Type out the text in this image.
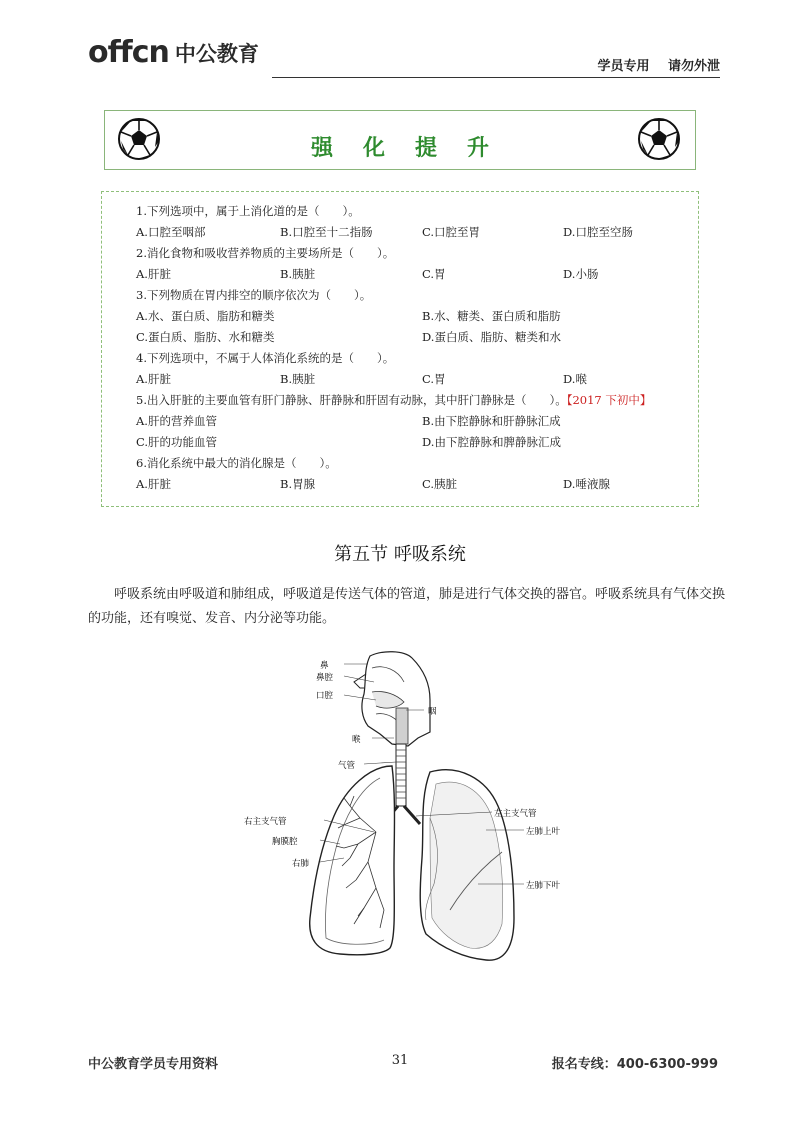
offcn 中公教育
学员专用 请勿外泄
强化提升
1.下列选项中，属于上消化道的是（　　）。
A.口腔至咽部	B.口腔至十二指肠	C.口腔至胃	D.口腔至空肠
2.消化食物和吸收营养物质的主要场所是（　　）。
A.肝脏	B.胰脏	C.胃	D.小肠
3.下列物质在胃内排空的顺序依次为（　　）。
A.水、蛋白质、脂肪和糖类	B.水、糖类、蛋白质和脂肪
C.蛋白质、脂肪、水和糖类	D.蛋白质、脂肪、糖类和水
4.下列选项中，不属于人体消化系统的是（　　）。
A.肝脏	B.胰脏	C.胃	D.喉
5.出入肝脏的主要血管有肝门静脉、肝静脉和肝固有动脉，其中肝门静脉是（　　）。【2017 下初中】
A.肝的营养血管	B.由下腔静脉和肝静脉汇成
C.肝的功能血管	D.由下腔静脉和脾静脉汇成
6.消化系统中最大的消化腺是（　　）。
A.肝脏	B.胃腺	C.胰脏	D.唾液腺
第五节 呼吸系统
呼吸系统由呼吸道和肺组成，呼吸道是传送气体的管道，肺是进行气体交换的器官。呼吸系统具有气体交换的功能，还有嗅觉、发音、内分泌等功能。
鼻
鼻腔
口腔
咽
喉
气管
右主支气管
胸膜腔
右肺
左主支气管
左肺上叶
左肺下叶
中公教育学员专用资料	31	报名专线：400-6300-999
